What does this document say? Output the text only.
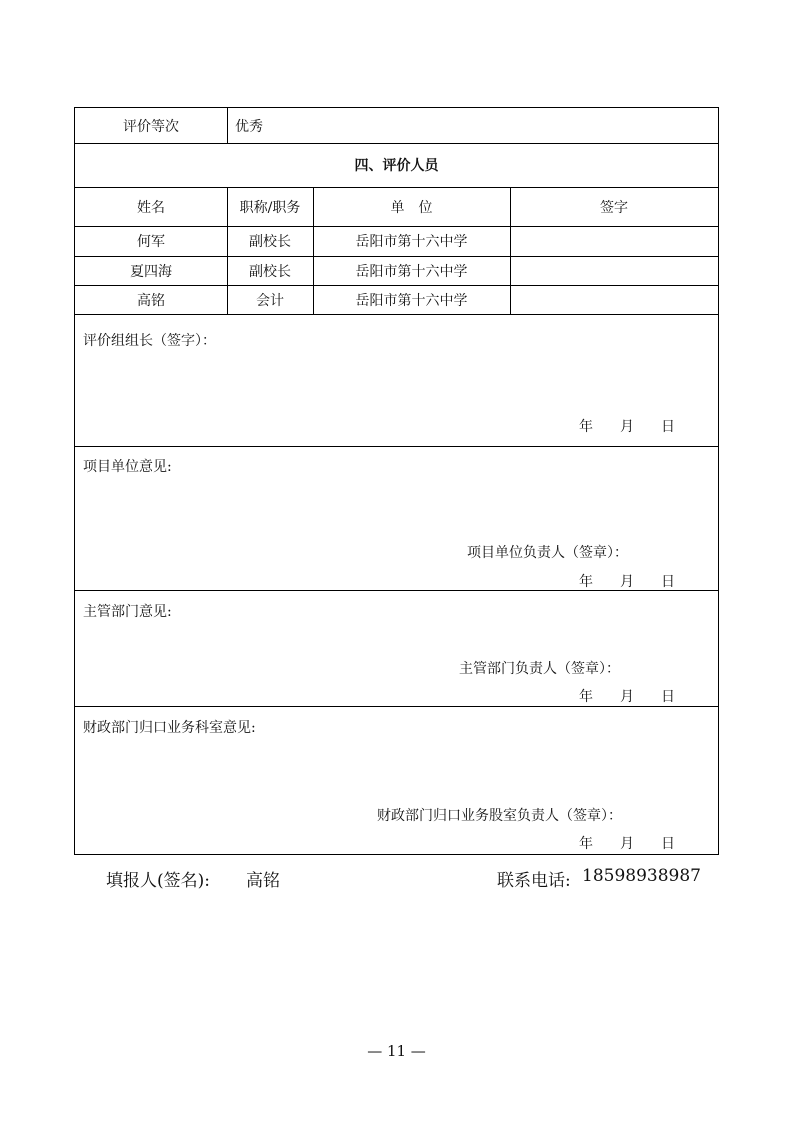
评价等次	优秀
四、评价人员
姓名	职称/职务	单　位	签字
何军	副校长	岳阳市第十六中学
夏四海	副校长	岳阳市第十六中学
高铭	会计	岳阳市第十六中学
评价组组长（签字）：
年 月 日
项目单位意见:
项目单位负责人（签章）：
年 月 日
主管部门意见:
主管部门负责人（签章）：
年 月 日
财政部门归口业务科室意见:
财政部门归口业务股室负责人（签章）：
年 月 日
填报人(签名): 高铭	联系电话: 18598938987
— 11 —
